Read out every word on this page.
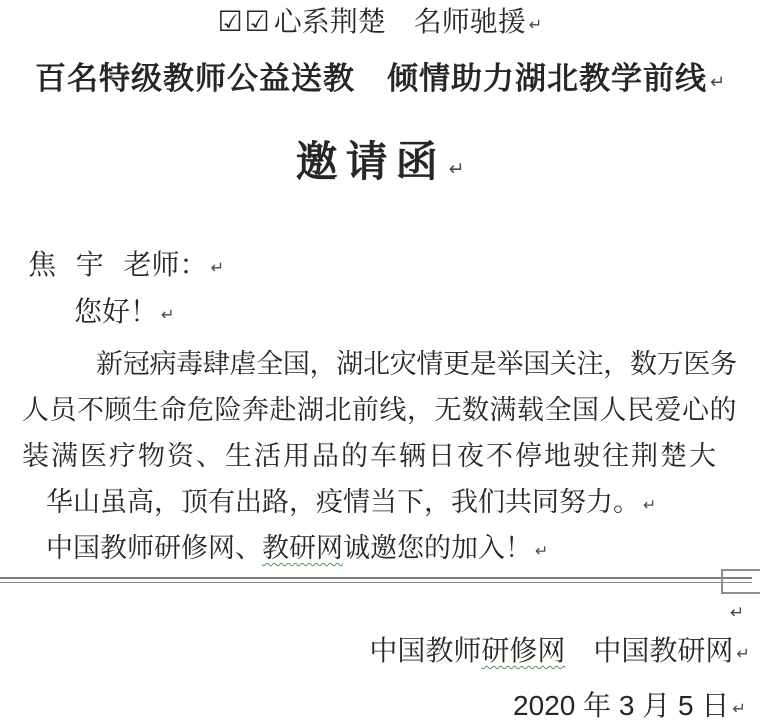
☑☑心系荆楚　名师驰援 ↵
百名特级教师公益送教　倾情助力湖北教学前线 ↵
邀请函 ↵
焦 宇 老师： ↵
您好！ ↵
新冠病毒肆虐全国，湖北灾情更是举国关注，数万医务
人员不顾生命危险奔赴湖北前线，无数满载全国人民爱心的
装满医疗物资、生活用品的车辆日夜不停地驶往荆楚大
华山虽高，顶有出路，疫情当下，我们共同努力。 ↵
中国教师研修网、教研网诚邀您的加入！ ↵
↵
中国教师研修网　 中国教研网 ↵
2020 年 3 月 5 日 ↵
